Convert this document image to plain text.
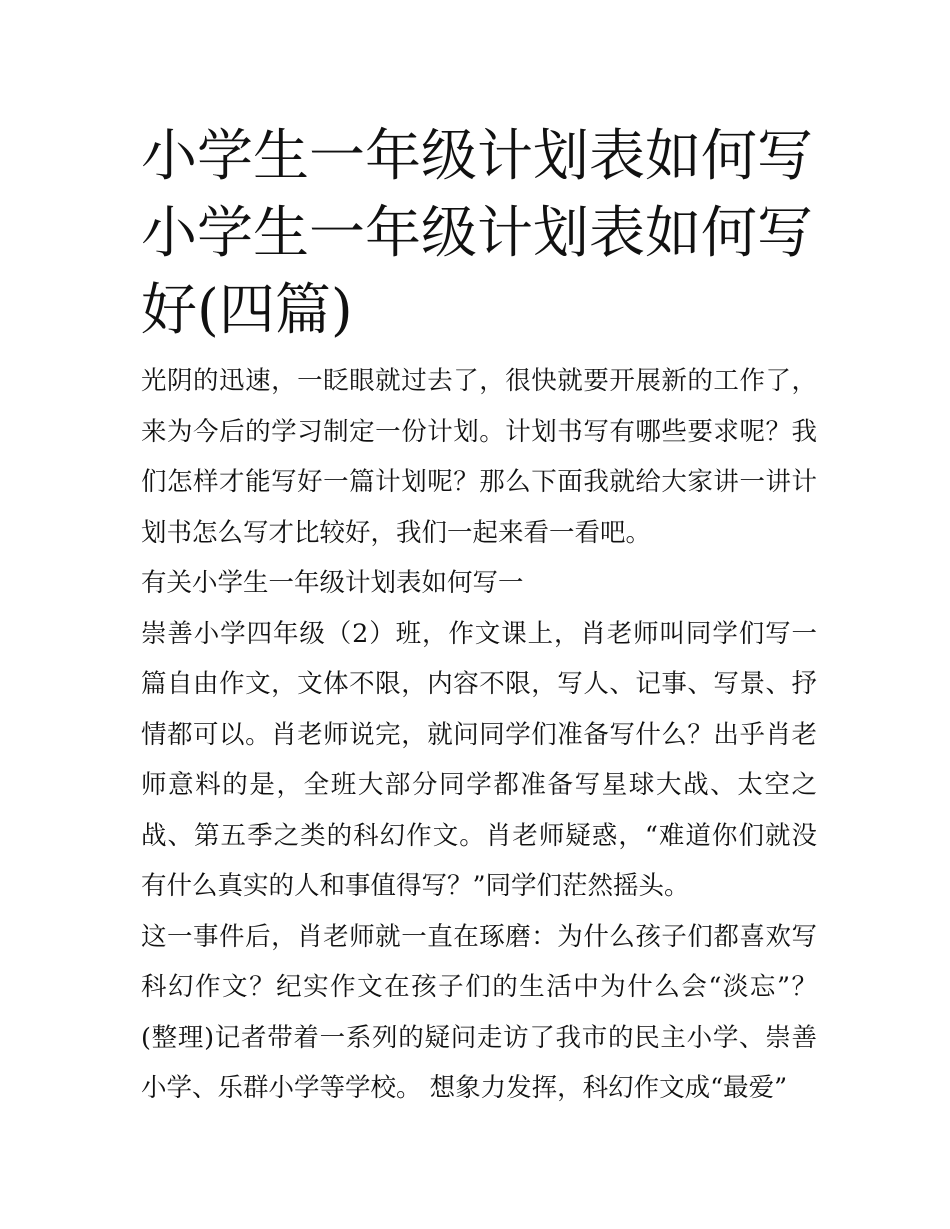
小学生一年级计划表如何写 小学生一年级计划表如何写好(四篇)

光阴的迅速，一眨眼就过去了，很快就要开展新的工作了，来为今后的学习制定一份计划。计划书写有哪些要求呢？我们怎样才能写好一篇计划呢？那么下面我就给大家讲一讲计划书怎么写才比较好，我们一起来看一看吧。

有关小学生一年级计划表如何写一

崇善小学四年级（2）班，作文课上，肖老师叫同学们写一篇自由作文，文体不限，内容不限，写人、记事、写景、抒情都可以。肖老师说完，就问同学们准备写什么？出乎肖老师意料的是，全班大部分同学都准备写星球大战、太空之战、第五季之类的科幻作文。肖老师疑惑，“难道你们就没有什么真实的人和事值得写？”同学们茫然摇头。

这一事件后，肖老师就一直在琢磨：为什么孩子们都喜欢写科幻作文？纪实作文在孩子们的生活中为什么会“淡忘”？ (整理)记者带着一系列的疑问走访了我市的民主小学、崇善小学、乐群小学等学校。 想象力发挥，科幻作文成“最爱”
